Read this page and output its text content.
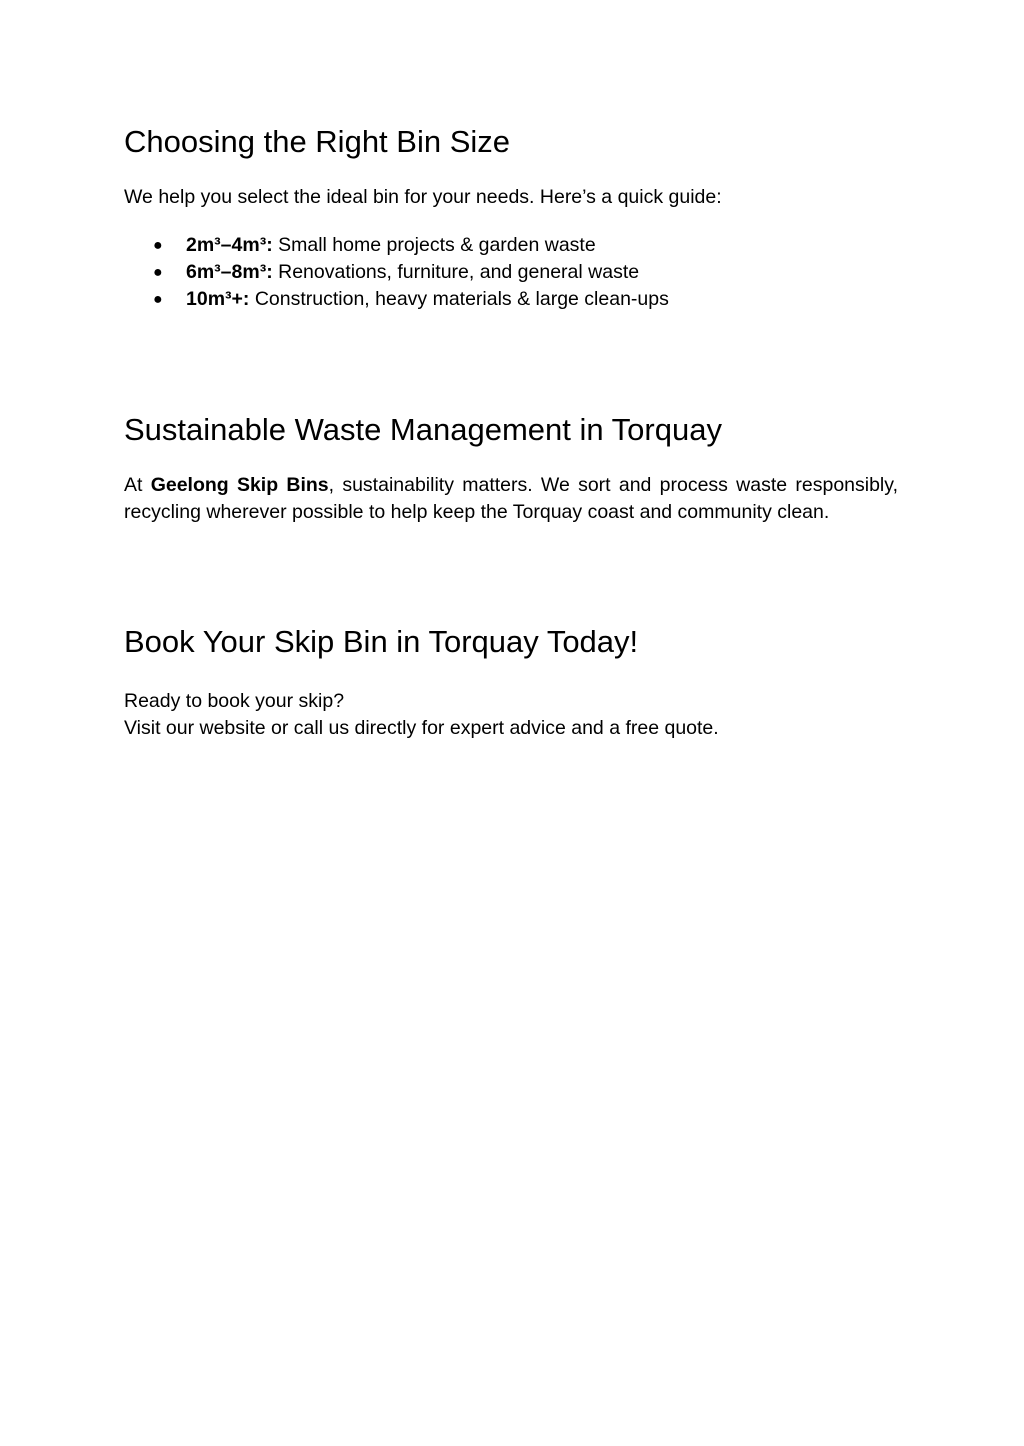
Choosing the Right Bin Size

We help you select the ideal bin for your needs. Here’s a quick guide:

● 2m³–4m³: Small home projects & garden waste
● 6m³–8m³: Renovations, furniture, and general waste
● 10m³+: Construction, heavy materials & large clean-ups
Sustainable Waste Management in Torquay

At Geelong Skip Bins, sustainability matters. We sort and process waste responsibly, recycling wherever possible to help keep the Torquay coast and community clean.

Book Your Skip Bin in Torquay Today!

Ready to book your skip?

Visit our website or call us directly for expert advice and a free quote.
